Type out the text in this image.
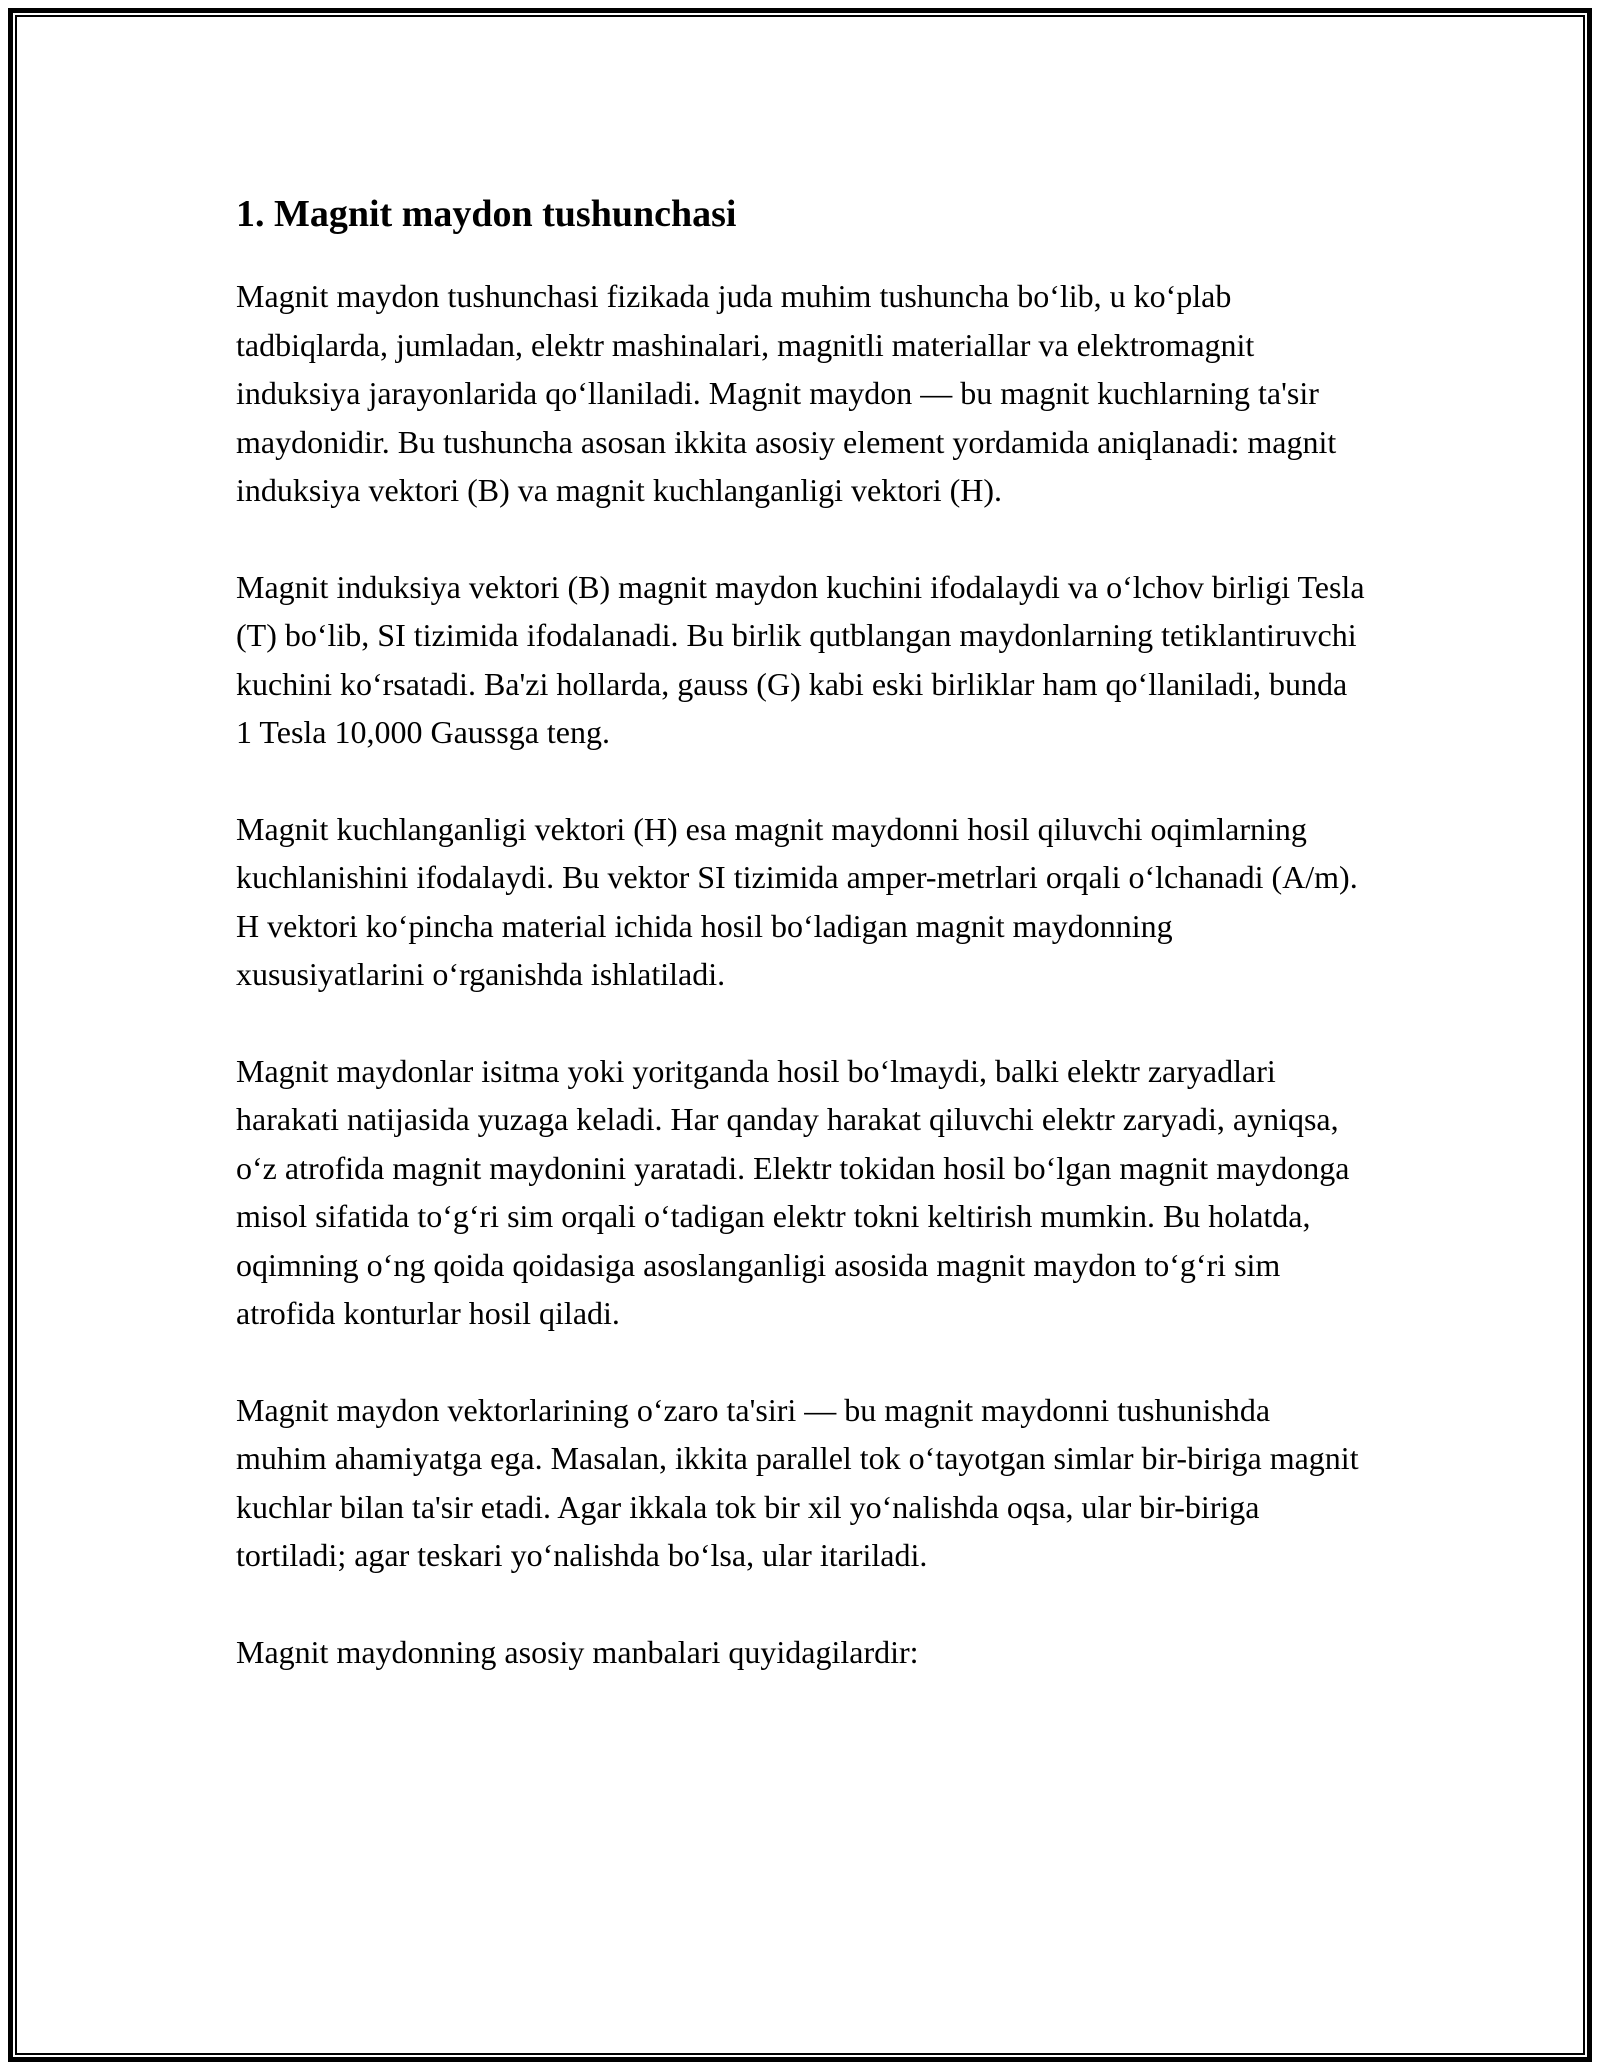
1. Magnit maydon tushunchasi

Magnit maydon tushunchasi fizikada juda muhim tushuncha bo‘lib, u ko‘plab tadbiqlarda, jumladan, elektr mashinalari, magnitli materiallar va elektromagnit induksiya jarayonlarida qo‘llaniladi. Magnit maydon — bu magnit kuchlarning ta'sir maydonidir. Bu tushuncha asosan ikkita asosiy element yordamida aniqlanadi: magnit induksiya vektori (B) va magnit kuchlanganligi vektori (H).

Magnit induksiya vektori (B) magnit maydon kuchini ifodalaydi va o‘lchov birligi Tesla (T) bo‘lib, SI tizimida ifodalanadi. Bu birlik qutblangan maydonlarning tetiklantiruvchi kuchini ko‘rsatadi. Ba'zi hollarda, gauss (G) kabi eski birliklar ham qo‘llaniladi, bunda 1 Tesla 10,000 Gaussga teng.

Magnit kuchlanganligi vektori (H) esa magnit maydonni hosil qiluvchi oqimlarning kuchlanishini ifodalaydi. Bu vektor SI tizimida amper-metrlari orqali o‘lchanadi (A/m). H vektori ko‘pincha material ichida hosil bo‘ladigan magnit maydonning xususiyatlarini o‘rganishda ishlatiladi.

Magnit maydonlar isitma yoki yoritganda hosil bo‘lmaydi, balki elektr zaryadlari harakati natijasida yuzaga keladi. Har qanday harakat qiluvchi elektr zaryadi, ayniqsa, o‘z atrofida magnit maydonini yaratadi. Elektr tokidan hosil bo‘lgan magnit maydonga misol sifatida to‘g‘ri sim orqali o‘tadigan elektr tokni keltirish mumkin. Bu holatda, oqimning o‘ng qoida qoidasiga asoslanganligi asosida magnit maydon to‘g‘ri sim atrofida konturlar hosil qiladi.

Magnit maydon vektorlarining o‘zaro ta'siri — bu magnit maydonni tushunishda muhim ahamiyatga ega. Masalan, ikkita parallel tok o‘tayotgan simlar bir-biriga magnit kuchlar bilan ta'sir etadi. Agar ikkala tok bir xil yo‘nalishda oqsa, ular bir-biriga tortiladi; agar teskari yo‘nalishda bo‘lsa, ular itariladi.

Magnit maydonning asosiy manbalari quyidagilardir:
